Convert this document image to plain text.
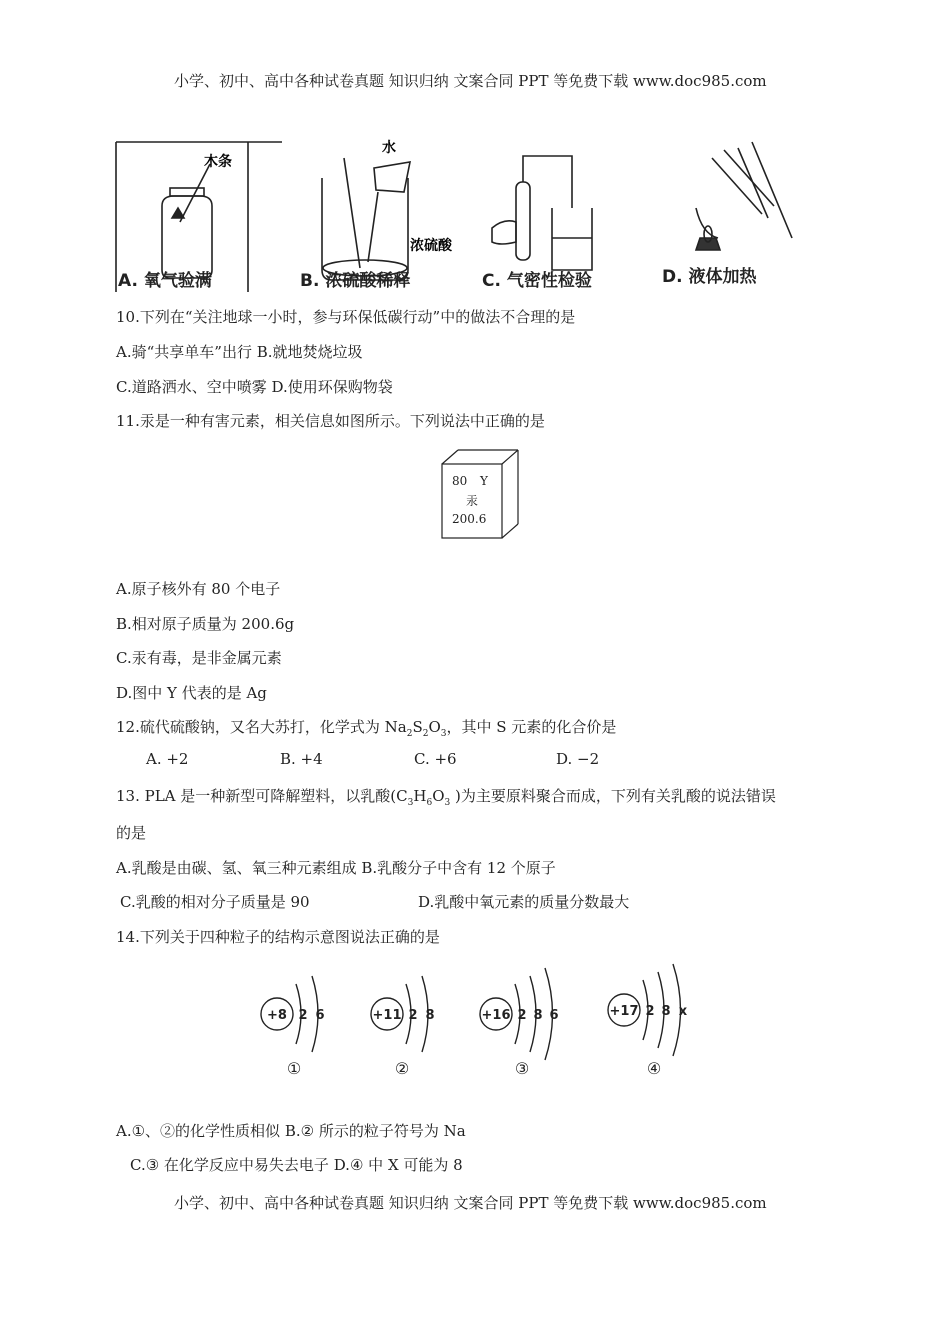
小学、初中、高中各种试卷真题 知识归纳 文案合同 PPT 等免费下载 www.doc985.com
木条
水
浓硫酸
A. 氧气验满	B. 浓硫酸稀释	C. 气密性检验	D. 液体加热
10.下列在“关注地球一小时，参与环保低碳行动”中的做法不合理的是
A.骑“共享单车”出行 B.就地焚烧垃圾
C.道路洒水、空中喷雾 D.使用环保购物袋
11.汞是一种有害元素，相关信息如图所示。下列说法中正确的是
80 Y
汞
200.6
A.原子核外有 80 个电子
B.相对原子质量为 200.6g
C.汞有毒，是非金属元素
D.图中 Y 代表的是 Ag
12.硫代硫酸钠，又名大苏打，化学式为 $Na_2S_2O_3$，其中 S 元素的化合价是
A. +2	B. +4	C. +6	D. −2
13. PLA 是一种新型可降解塑料，以乳酸($C_3H_6O_3$ )为主要原料聚合而成，下列有关乳酸的说法错误
的是
A.乳酸是由碳、氢、氧三种元素组成 B.乳酸分子中含有 12 个原子
C.乳酸的相对分子质量是 90	D.乳酸中氧元素的质量分数最大
14.下列关于四种粒子的结构示意图说法正确的是
+8 2 6	+11 2 8	+16 2 8 6	+17 2 8 x
①	②	③	④
A.①、②的化学性质相似 B.② 所示的粒子符号为 Na
C.③ 在化学反应中易失去电子 D.④ 中 X 可能为 8
小学、初中、高中各种试卷真题 知识归纳 文案合同 PPT 等免费下载 www.doc985.com
